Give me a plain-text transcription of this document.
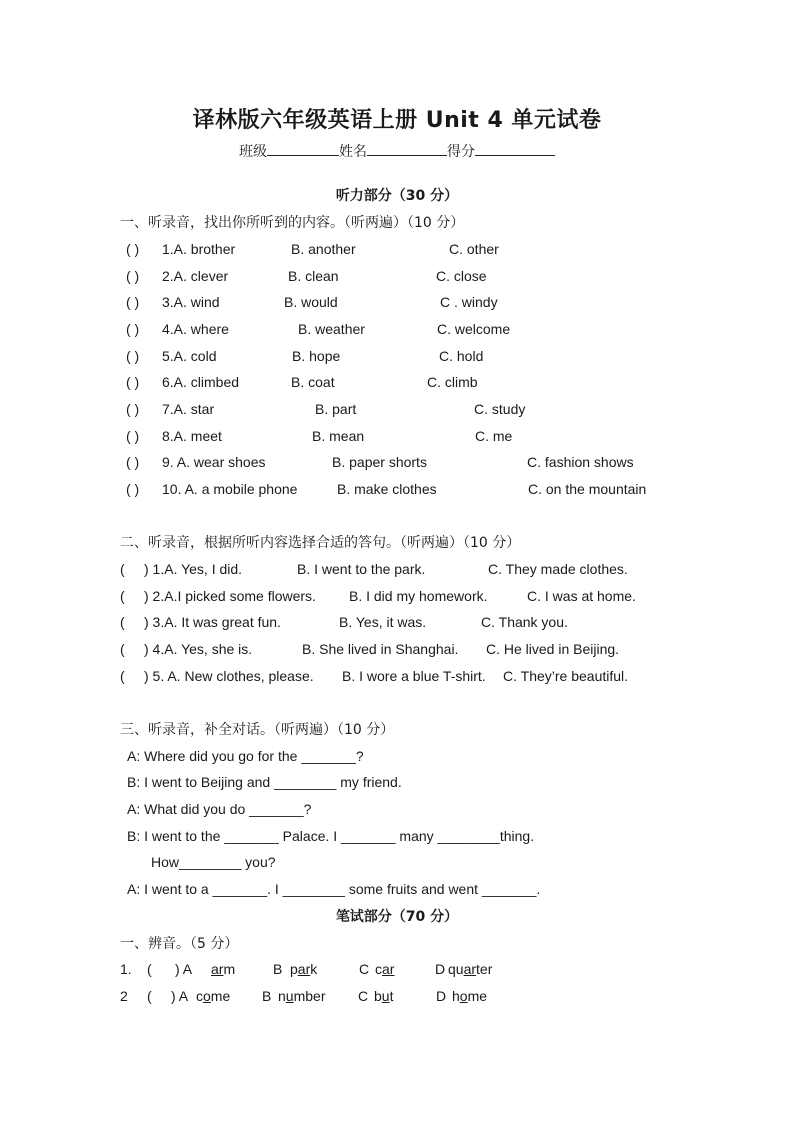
译林版六年级英语上册 Unit 4 单元试卷
班级	姓名	得分
听力部分（30 分）
一、听录音，找出你所听到的内容。（听两遍）（10 分）
( ) 1.A. brother	B. another	C. other
( ) 2.A. clever	B. clean	C. close
( ) 3.A. wind	B. would	C . windy
( ) 4.A. where	B. weather	C. welcome
( ) 5.A. cold	B. hope	C. hold
( ) 6.A. climbed	B. coat	C. climb
( ) 7.A. star	B. part	C. study
( ) 8.A. meet	B. mean	C. me
( ) 9. A. wear shoes	B. paper shorts	C. fashion shows
( ) 10. A. a mobile phone	B. make clothes	C. on the mountain
二、听录音，根据所听内容选择合适的答句。（听两遍）（10 分）
( ) 1.A. Yes, I did.	B. I went to the park.	C. They made clothes.
( ) 2.A.I picked some flowers. B. I did my homework.	C. I was at home.
( ) 3.A. It was great fun.	B. Yes, it was.	C. Thank you.
( ) 4.A. Yes, she is.	B. She lived in Shanghai. C. He lived in Beijing.
( ) 5. A. New clothes, please. B. I wore a blue T-shirt. C. They’re beautiful.
三、听录音，补全对话。（听两遍）（10 分）
A: Where did you go for the _______?
B: I went to Beijing and ________ my friend.
A: What did you do _______?
B: I went to the _______ Palace. I _______ many ________thing.
How________ you?
A: I went to a _______. I ________ some fruits and went _______.
笔试部分（70 分）
一、辨音。（5 分）
1. ( ) A arm	B park	C car	D quarter
2 ( ) A come B number C but	D home
